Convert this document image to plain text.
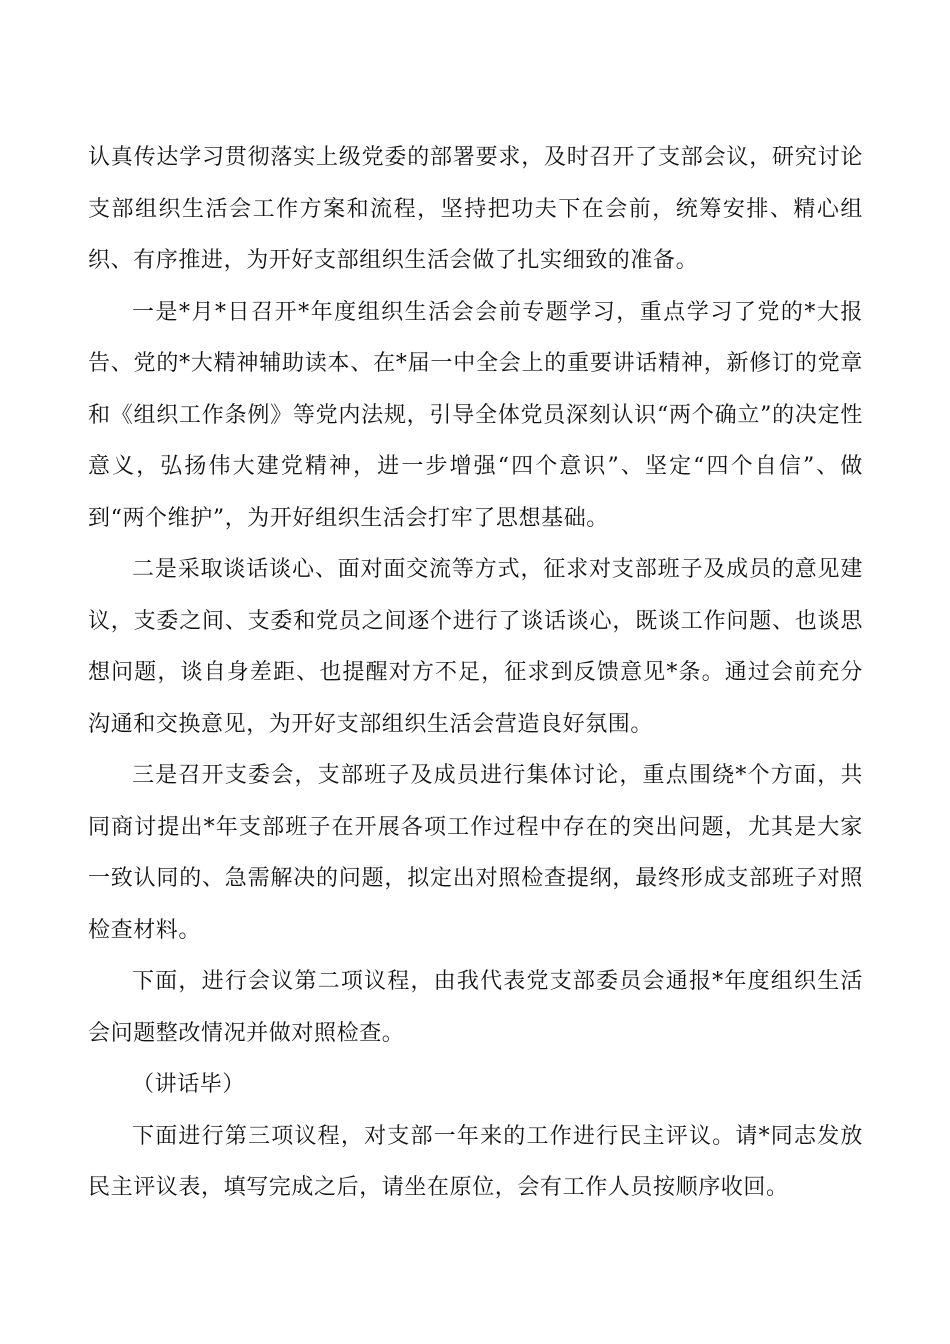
认真传达学习贯彻落实上级党委的部署要求，及时召开了支部会议，研究讨论支部组织生活会工作方案和流程，坚持把功夫下在会前，统筹安排、精心组织、有序推进，为开好支部组织生活会做了扎实细致的准备。

一是*月*日召开*年度组织生活会会前专题学习，重点学习了党的*大报告、党的*大精神辅助读本、在*届一中全会上的重要讲话精神，新修订的党章和《组织工作条例》等党内法规，引导全体党员深刻认识“两个确立”的决定性意义，弘扬伟大建党精神，进一步增强“四个意识”、坚定“四个自信”、做到“两个维护”，为开好组织生活会打牢了思想基础。

二是采取谈话谈心、面对面交流等方式，征求对支部班子及成员的意见建议，支委之间、支委和党员之间逐个进行了谈话谈心，既谈工作问题、也谈思想问题，谈自身差距、也提醒对方不足，征求到反馈意见*条。通过会前充分沟通和交换意见，为开好支部组织生活会营造良好氛围。

三是召开支委会，支部班子及成员进行集体讨论，重点围绕*个方面，共同商讨提出*年支部班子在开展各项工作过程中存在的突出问题，尤其是大家一致认同的、急需解决的问题，拟定出对照检查提纲，最终形成支部班子对照检查材料。

下面，进行会议第二项议程，由我代表党支部委员会通报*年度组织生活会问题整改情况并做对照检查。

（讲话毕）

下面进行第三项议程，对支部一年来的工作进行民主评议。请*同志发放民主评议表，填写完成之后，请坐在原位，会有工作人员按顺序收回。
